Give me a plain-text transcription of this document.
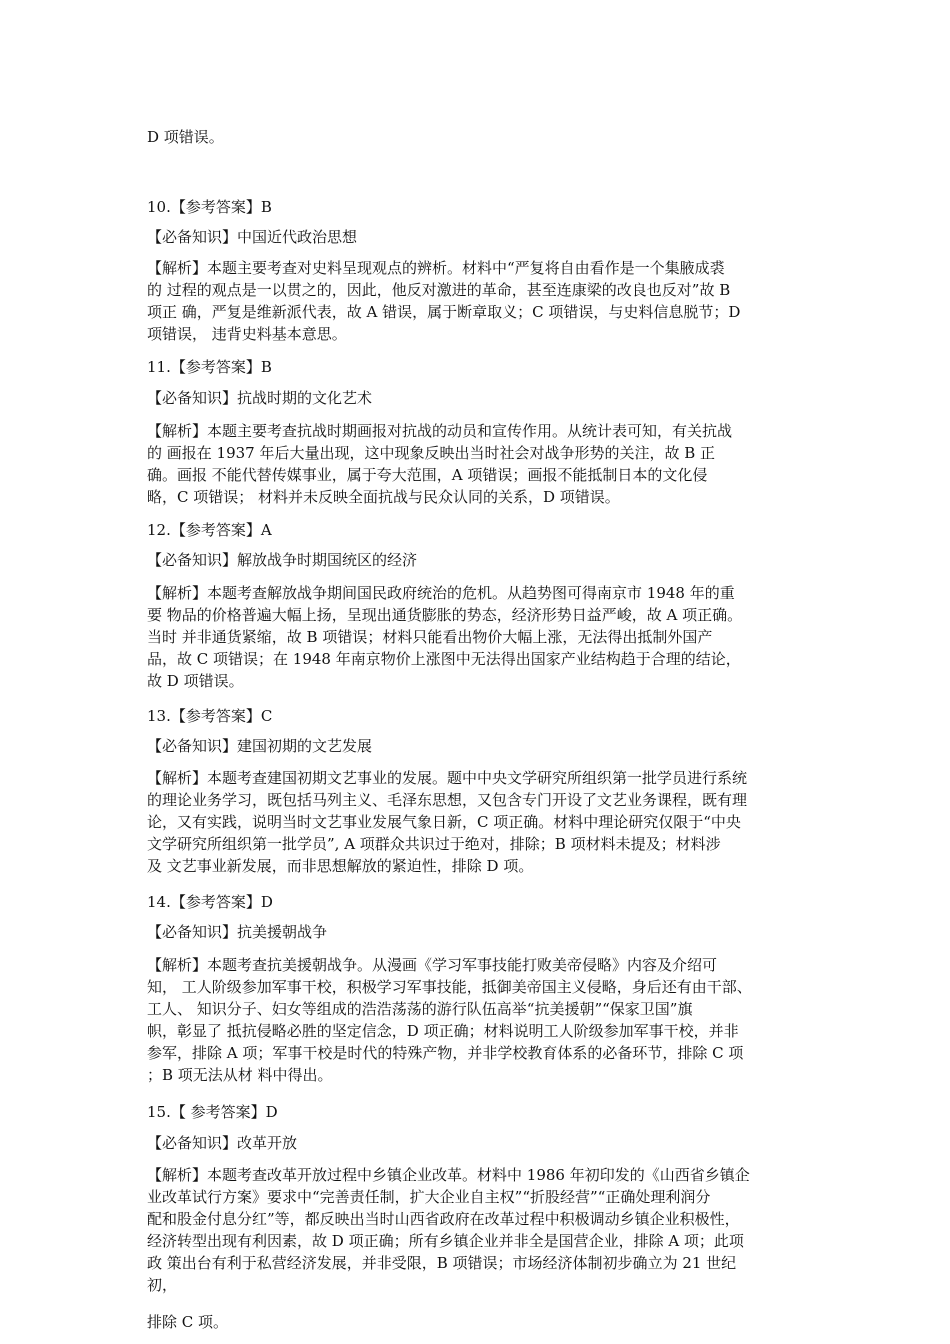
D 项错误。
10.【参考答案】B
【必备知识】中国近代政治思想
【解析】本题主要考查对史料呈现观点的辨析。材料中“严复将自由看作是一个集腋成裘
的 过程的观点是一以贯之的，因此，他反对激进的革命，甚至连康梁的改良也反对”故 B
项正 确，严复是维新派代表，故 A 错误，属于断章取义；C 项错误，与史料信息脱节；D
项错误， 违背史料基本意思。
11.【参考答案】B
【必备知识】抗战时期的文化艺术
【解析】本题主要考查抗战时期画报对抗战的动员和宣传作用。从统计表可知，有关抗战
的 画报在 1937 年后大量出现，这中现象反映出当时社会对战争形势的关注，故 B 正
确。画报 不能代替传媒事业，属于夸大范围，A 项错误；画报不能抵制日本的文化侵
略，C 项错误； 材料并未反映全面抗战与民众认同的关系，D 项错误。
12.【参考答案】A
【必备知识】解放战争时期国统区的经济
【解析】本题考查解放战争期间国民政府统治的危机。从趋势图可得南京市 1948 年的重
要 物品的价格普遍大幅上扬，呈现出通货膨胀的势态，经济形势日益严峻，故 A 项正确。
当时 并非通货紧缩，故 B 项错误；材料只能看出物价大幅上涨，无法得出抵制外国产
品，故 C 项错误；在 1948 年南京物价上涨图中无法得出国家产业结构趋于合理的结论，
故 D 项错误。
13.【参考答案】C
【必备知识】建国初期的文艺发展
【解析】本题考查建国初期文艺事业的发展。题中中央文学研究所组织第一批学员进行系统
的理论业务学习，既包括马列主义、毛泽东思想，又包含专门开设了文艺业务课程，既有理
论，又有实践，说明当时文艺事业发展气象日新，C 项正确。材料中理论研究仅限于“中央
文学研究所组织第一批学员”, A 项群众共识过于绝对，排除；B 项材料未提及；材料涉
及 文艺事业新发展，而非思想解放的紧迫性，排除 D 项。
14.【参考答案】D
【必备知识】抗美援朝战争
【解析】本题考查抗美援朝战争。从漫画《学习军事技能打败美帝侵略》内容及介绍可
知， 工人阶级参加军事干校，积极学习军事技能，抵御美帝国主义侵略，身后还有由干部、
工人、 知识分子、妇女等组成的浩浩荡荡的游行队伍高举“抗美援朝”“保家卫国”旗
帜，彰显了 抵抗侵略必胜的坚定信念，D 项正确；材料说明工人阶级参加军事干校，并非
参军，排除 A 项；军事干校是时代的特殊产物，并非学校教育体系的必备环节，排除 C 项
；B 项无法从材 料中得出。
15.【 参考答案】D
【必备知识】改革开放
【解析】本题考查改革开放过程中乡镇企业改革。材料中 1986 年初印发的《山西省乡镇企
业改革试行方案》要求中“完善责任制，扩大企业自主权”“折股经营”“正确处理利润分
配和股金付息分红”等，都反映出当时山西省政府在改革过程中积极调动乡镇企业积极性，
经济转型出现有利因素，故 D 项正确；所有乡镇企业并非全是国营企业，排除 A 项；此项
政 策出台有利于私营经济发展，并非受限，B 项错误；市场经济体制初步确立为 21 世纪
初，
排除 C 项。
